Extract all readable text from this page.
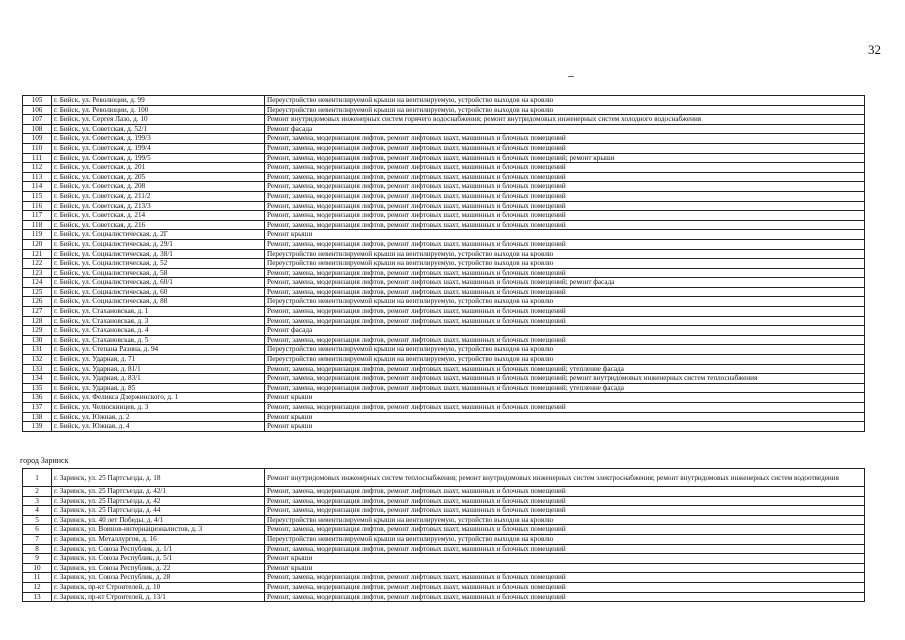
32
105	г. Бийск, ул. Революции, д. 99	Переустройство невентилируемой крыши на вентилируемую, устройство выходов на кровлю
106	г. Бийск, ул. Революции, д. 100	Переустройство невентилируемой крыши на вентилируемую, устройство выходов на кровлю
107	г. Бийск, ул. Сергея Лазо, д. 10	Ремонт внутридомовых инженерных систем горячего водоснабжения; ремонт внутридомовых инженерных систем холодного водоснабжения
108	г. Бийск, ул. Советская, д. 52/1	Ремонт фасада
109	г. Бийск, ул. Советская, д. 199/3	Ремонт, замена, модернизация лифтов, ремонт лифтовых шахт, машинных и блочных помещений
110	г. Бийск, ул. Советская, д. 199/4	Ремонт, замена, модернизация лифтов, ремонт лифтовых шахт, машинных и блочных помещений
111	г. Бийск, ул. Советская, д. 199/5	Ремонт, замена, модернизация лифтов, ремонт лифтовых шахт, машинных и блочных помещений; ремонт крыши
112	г. Бийск, ул. Советская, д. 201	Ремонт, замена, модернизация лифтов, ремонт лифтовых шахт, машинных и блочных помещений
113	г. Бийск, ул. Советская, д. 205	Ремонт, замена, модернизация лифтов, ремонт лифтовых шахт, машинных и блочных помещений
114	г. Бийск, ул. Советская, д. 208	Ремонт, замена, модернизация лифтов, ремонт лифтовых шахт, машинных и блочных помещений
115	г. Бийск, ул. Советская, д. 211/2	Ремонт, замена, модернизация лифтов, ремонт лифтовых шахт, машинных и блочных помещений
116	г. Бийск, ул. Советская, д. 213/3	Ремонт, замена, модернизация лифтов, ремонт лифтовых шахт, машинных и блочных помещений
117	г. Бийск, ул. Советская, д. 214	Ремонт, замена, модернизация лифтов, ремонт лифтовых шахт, машинных и блочных помещений
118	г. Бийск, ул. Советская, д. 216	Ремонт, замена, модернизация лифтов, ремонт лифтовых шахт, машинных и блочных помещений
119	г. Бийск, ул. Социалистическая, д. 2Г	Ремонт крыши
120	г. Бийск, ул. Социалистическая, д. 29/1	Ремонт, замена, модернизация лифтов, ремонт лифтовых шахт, машинных и блочных помещений
121	г. Бийск, ул. Социалистическая, д. 38/1	Переустройство невентилируемой крыши на вентилируемую, устройство выходов на кровлю
122	г. Бийск, ул. Социалистическая, д. 52	Переустройство невентилируемой крыши на вентилируемую, устройство выходов на кровлю
123	г. Бийск, ул. Социалистическая, д. 58	Ремонт, замена, модернизация лифтов, ремонт лифтовых шахт, машинных и блочных помещений
124	г. Бийск, ул. Социалистическая, д. 60/1	Ремонт, замена, модернизация лифтов, ремонт лифтовых шахт, машинных и блочных помещений; ремонт фасада
125	г. Бийск, ул. Социалистическая, д. 60	Ремонт, замена, модернизация лифтов, ремонт лифтовых шахт, машинных и блочных помещений
126	г. Бийск, ул. Социалистическая, д. 88	Переустройство невентилируемой крыши на вентилируемую, устройство выходов на кровлю
127	г. Бийск, ул. Стахановская, д. 1	Ремонт, замена, модернизация лифтов, ремонт лифтовых шахт, машинных и блочных помещений
128	г. Бийск, ул. Стахановская, д. 3	Ремонт, замена, модернизация лифтов, ремонт лифтовых шахт, машинных и блочных помещений
129	г. Бийск, ул. Стахановская, д. 4	Ремонт фасада
130	г. Бийск, ул. Стахановская, д. 5	Ремонт, замена, модернизация лифтов, ремонт лифтовых шахт, машинных и блочных помещений
131	г. Бийск, ул. Степана Разина, д. 94	Переустройство невентилируемой крыши на вентилируемую, устройство выходов на кровлю
132	г. Бийск, ул. Ударная, д. 71	Переустройство невентилируемой крыши на вентилируемую, устройство выходов на кровлю
133	г. Бийск, ул. Ударная, д. 81/1	Ремонт, замена, модернизация лифтов, ремонт лифтовых шахт, машинных и блочных помещений; утепление фасада
134	г. Бийск, ул. Ударная, д. 83/1	Ремонт, замена, модернизация лифтов, ремонт лифтовых шахт, машинных и блочных помещений; ремонт внутридомовых инженерных систем теплоснабжения
135	г. Бийск, ул. Ударная, д. 85	Ремонт, замена, модернизация лифтов, ремонт лифтовых шахт, машинных и блочных помещений; утепление фасада
136	г. Бийск, ул. Феликса Дзержинского, д. 1	Ремонт крыши
137	г. Бийск, ул. Челюскинцев, д. 3	Ремонт, замена, модернизация лифтов, ремонт лифтовых шахт, машинных и блочных помещений
138	г. Бийск, ул. Южная, д. 2	Ремонт крыши
139	г. Бийск, ул. Южная, д. 4	Ремонт крыши
город Заринск
1	г. Заринск, ул. 25 Партсъезда, д. 18	Ремонт внутридомовых инженерных систем теплоснабжения; ремонт внутридомовых инженерных систем электроснабжения; ремонт внутридомовых инженерных систем водоотведения
2	г. Заринск, ул. 25 Партсъезда, д. 42/1	Ремонт, замена, модернизация лифтов, ремонт лифтовых шахт, машинных и блочных помещений
3	г. Заринск, ул. 25 Партсъезда, д. 42	Ремонт, замена, модернизация лифтов, ремонт лифтовых шахт, машинных и блочных помещений
4	г. Заринск, ул. 25 Партсъезда, д. 44	Ремонт, замена, модернизация лифтов, ремонт лифтовых шахт, машинных и блочных помещений
5	г. Заринск, ул. 40 лет Победы, д. 4/1	Переустройство невентилируемой крыши на вентилируемую, устройство выходов на кровлю
6	г. Заринск, ул. Воинов-интернационалистов, д. 3	Ремонт, замена, модернизация лифтов, ремонт лифтовых шахт, машинных и блочных помещений
7	г. Заринск, ул. Металлургов, д. 16	Переустройство невентилируемой крыши на вентилируемую, устройство выходов на кровлю
8	г. Заринск, ул. Союза Республик, д. 1/1	Ремонт, замена, модернизация лифтов, ремонт лифтовых шахт, машинных и блочных помещений
9	г. Заринск, ул. Союза Республик, д. 5/1	Ремонт крыши
10	г. Заринск, ул. Союза Республик, д. 22	Ремонт крыши
11	г. Заринск, ул. Союза Республик, д. 28	Ремонт, замена, модернизация лифтов, ремонт лифтовых шахт, машинных и блочных помещений
12	г. Заринск, пр-кт Строителей, д. 10	Ремонт, замена, модернизация лифтов, ремонт лифтовых шахт, машинных и блочных помещений
13	г. Заринск, пр-кт Строителей, д. 13/1	Ремонт, замена, модернизация лифтов, ремонт лифтовых шахт, машинных и блочных помещений
